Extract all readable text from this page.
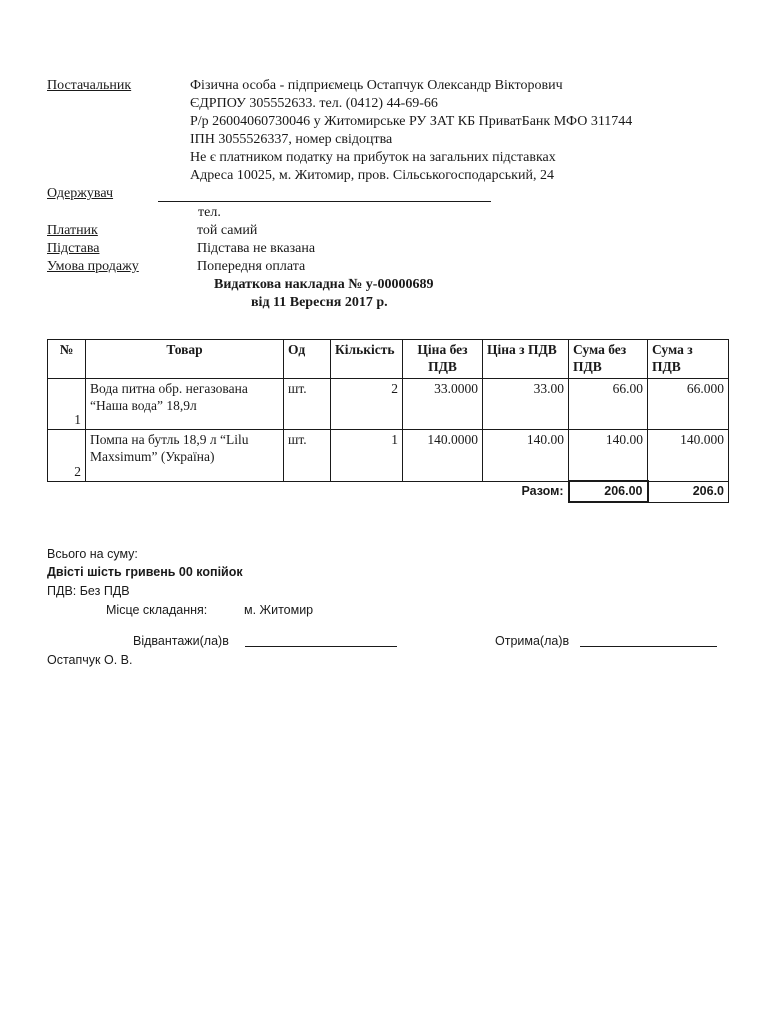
Постачальник	Фізична особа - підприємець Остапчук Олександр Вікторович
ЄДРПОУ 305552633. тел. (0412) 44-69-66
Р/р 26004060730046 у Житомирське РУ ЗАТ КБ ПриватБанк МФО 311744
ІПН 3055526337, номер свідоцтва
Не є платником податку на прибуток на загальних підставках
Адреса 10025, м. Житомир, пров. Сільськогосподарський, 24
Одержувач
тел.
Платник	той самий
Підстава	Підстава не вказана
Умова продажу	Попередня оплата
Видаткова накладна № у-00000689
від 11 Вересня 2017 р.
№	Товар	Од	Кількість	Ціна без ПДВ	Ціна з ПДВ	Сума без ПДВ	Сума з ПДВ
1	Вода питна обр. негазована “Наша вода” 18,9л	шт.	2	33.0000	33.00	66.00	66.000
2	Помпа на бутль 18,9 л “Lilu Maxsimum” (Україна)	шт.	1	140.0000	140.00	140.00	140.000
					Разом:	206.00	206.0
Всього на суму:
Двісті шість гривень 00 копійок
ПДВ: Без ПДВ
Місце складання:	м. Житомир
Відвантажи(ла)в	Отрима(ла)в
Остапчук О. В.
